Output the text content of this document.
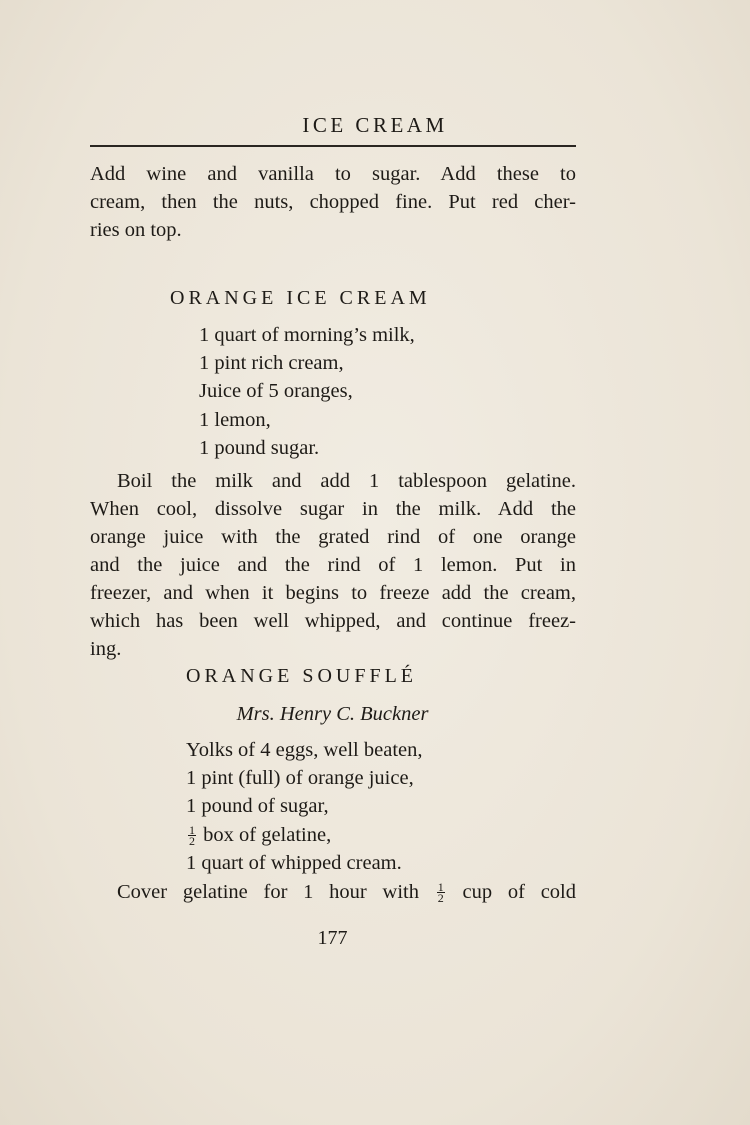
ICE CREAM
Add wine and vanilla to sugar. Add these to
cream, then the nuts, chopped fine. Put red cher-
ries on top.
ORANGE ICE CREAM
1 quart of morning’s milk,
1 pint rich cream,
Juice of 5 oranges,
1 lemon,
1 pound sugar.
Boil the milk and add 1 tablespoon gelatine.
When cool, dissolve sugar in the milk. Add the
orange juice with the grated rind of one orange
and the juice and the rind of 1 lemon. Put in
freezer, and when it begins to freeze add the cream,
which has been well whipped, and continue freez-
ing.
ORANGE SOUFFLÉ
Mrs. Henry C. Buckner
Yolks of 4 eggs, well beaten,
1 pint (full) of orange juice,
1 pound of sugar,
$\frac{1}{2}$ box of gelatine,
1 quart of whipped cream.
Cover gelatine for 1 hour with $\frac{1}{2}$ cup of cold
177
